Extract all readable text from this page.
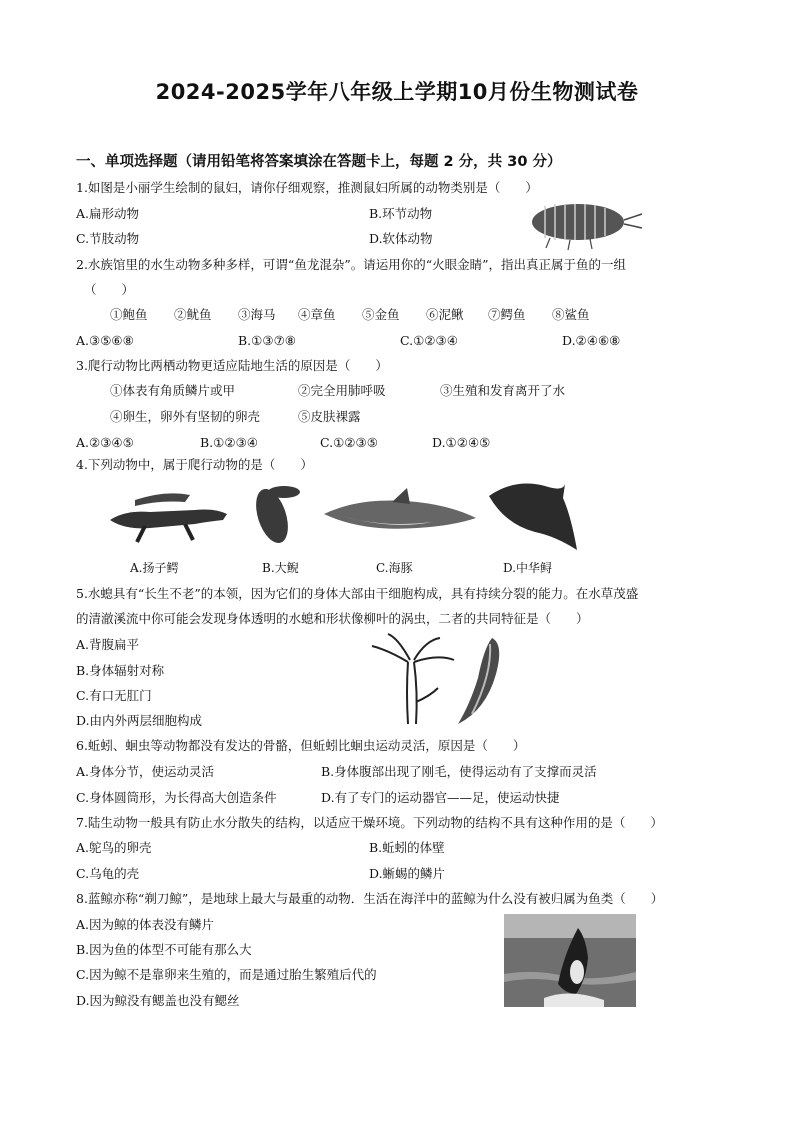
2024-2025学年八年级上学期10月份生物测试卷
一、单项选择题（请用铅笔将答案填涂在答题卡上，每题 2 分，共 30 分）
1.如图是小丽学生绘制的鼠妇，请你仔细观察，推测鼠妇所属的动物类别是（　　）
A.扁形动物	B.环节动物
C.节肢动物	D.软体动物
2.水族馆里的水生动物多种多样，可谓“鱼龙混杂”。请运用你的“火眼金睛”，指出真正属于鱼的一组
（　　）
①鲍鱼 ②鱿鱼 ③海马 ④章鱼 ⑤金鱼 ⑥泥鳅 ⑦鳄鱼 ⑧鲨鱼
A.③⑤⑥⑧	B.①③⑦⑧	C.①②③④	D.②④⑥⑧
3.爬行动物比两栖动物更适应陆地生活的原因是（　　）
①体表有角质鳞片或甲	②完全用肺呼吸	③生殖和发育离开了水
④卵生，卵外有坚韧的卵壳	⑤皮肤裸露
A.②③④⑤	B.①②③④	C.①②③⑤	D.①②④⑤
4.下列动物中，属于爬行动物的是（　　）
A.扬子鳄	B.大鲵	C.海豚	D.中华鲟
5.水螅具有“长生不老”的本领，因为它们的身体大部由干细胞构成，具有持续分裂的能力。在水草茂盛
的清澈溪流中你可能会发现身体透明的水螅和形状像柳叶的涡虫，二者的共同特征是（　　）
A.背腹扁平
B.身体辐射对称
C.有口无肛门
D.由内外两层细胞构成
6.蚯蚓、蛔虫等动物都没有发达的骨骼，但蚯蚓比蛔虫运动灵活，原因是（　　）
A.身体分节，使运动灵活	B.身体腹部出现了刚毛，使得运动有了支撑而灵活
C.身体圆筒形，为长得高大创造条件	D.有了专门的运动器官——足，使运动快捷
7.陆生动物一般具有防止水分散失的结构，以适应干燥环境。下列动物的结构不具有这种作用的是（　　）
A.鸵鸟的卵壳	B.蚯蚓的体壁
C.乌龟的壳	D.蜥蜴的鳞片
8.蓝鲸亦称“剃刀鲸”，是地球上最大与最重的动物．生活在海洋中的蓝鲸为什么没有被归属为鱼类（　　）
A.因为鲸的体表没有鳞片
B.因为鱼的体型不可能有那么大
C.因为鲸不是靠卵来生殖的，而是通过胎生繁殖后代的
D.因为鲸没有鳃盖也没有鳃丝
